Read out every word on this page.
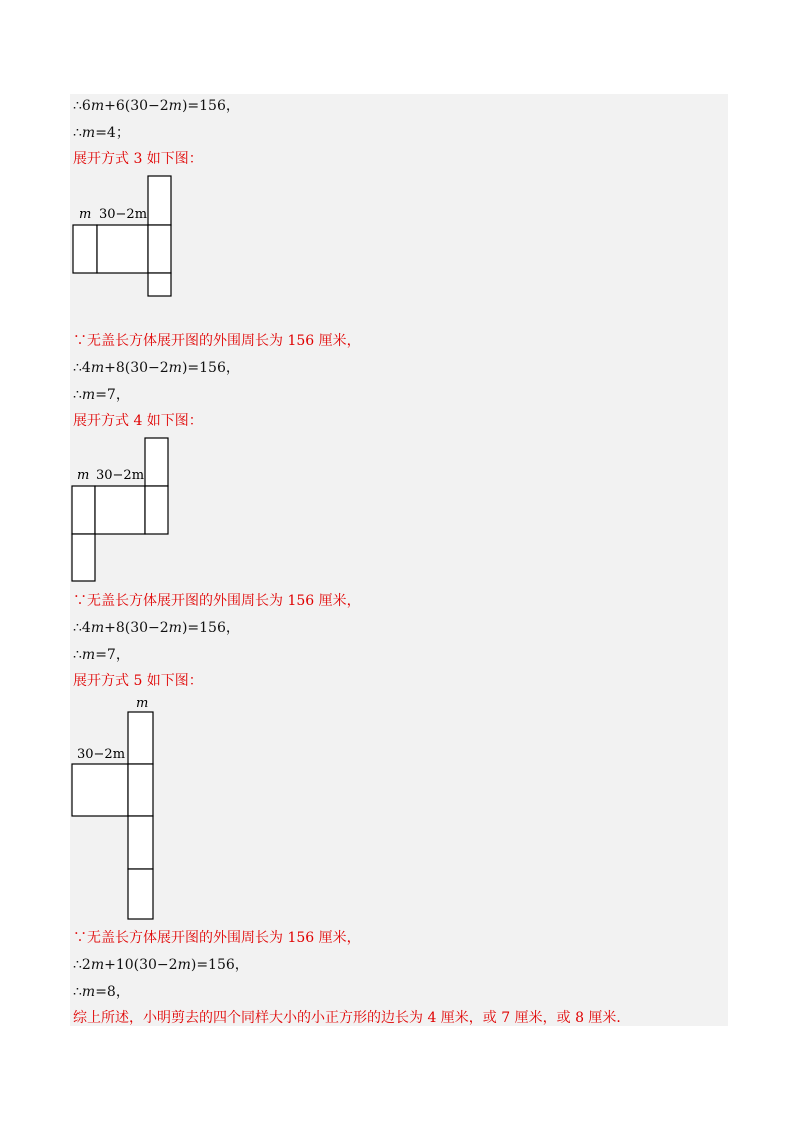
∴6m+6(30−2m)=156，
∴m=4；
展开方式 3 如下图：
m 30−2m
∵无盖长方体展开图的外围周长为 156 厘米，
∴4m+8(30−2m)=156，
∴m=7，
展开方式 4 如下图：
m 30−2m
∵无盖长方体展开图的外围周长为 156 厘米，
∴4m+8(30−2m)=156，
∴m=7，
展开方式 5 如下图：
m
30−2m
∵无盖长方体展开图的外围周长为 156 厘米，
∴2m+10(30−2m)=156，
∴m=8，
综上所述，小明剪去的四个同样大小的小正方形的边长为 4 厘米，或 7 厘米，或 8 厘米．
